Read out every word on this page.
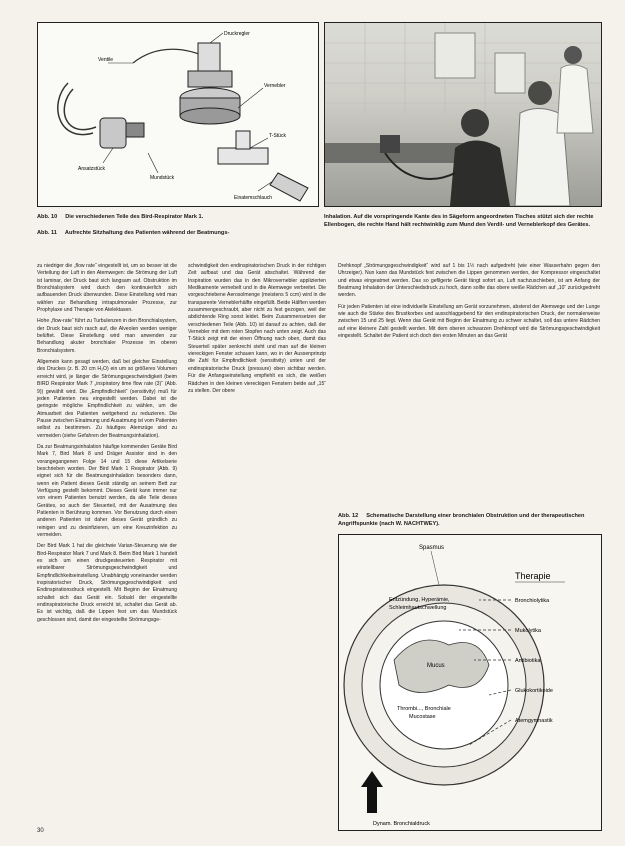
Druckregler
Ventile
Vernebler
T-Stück
Ansatzstück
Mundstück
Einatemschlauch
Abb. 10 Die verschiedenen Teile des Bird-Respirator Mark 1.
Abb. 11 Aufrechte Sitzhaltung des Patienten während der Beatmungs-
Inhalation. Auf die vorspringende Kante des in Sägeform angeordneten Tisches stützt sich der rechte Ellenbogen, die rechte Hand hält rechtwinklig zum Mund den Verdil- und Verneblerkopf des Gerätes.

zu niedriger die „flow rate“ eingestellt ist, um so besser ist die Verteilung der Luft in den Atemwegen: die Strömung der Luft ist laminar, der Druck baut sich langsam auf. Obstruktion im Bronchialsystem wird durch den kontinuierlich sich aufbauenden Druck überwunden. Diese Einstellung wird man wählen zur Behandlung intrapulmonaler Prozesse, zur Prophylaxe und Therapie von Atelektasen.

Hohe „flow-rate“ führt zu Turbulenzen in den Bronchialsystem, der Druck baut sich rasch auf, die Alveolen werden weniger belüftet. Diese Einstellung wird man anwenden zur Behandlung akuter bronchialer Prozesse im oberen Bronchialsystem.

Allgemein kann gesagt werden, daß bei gleicher Einstellung des Druckes (z. B. 20 cm H₂O) ein um so größeres Volumen erreicht wird, je länger die Strömungsgeschwindigkeit (beim BIRD Respirator Mark 7 „inspiratory time flow rate (3)“ (Abb. 9)) gewählt wird. Die „Empfindlichkeit“ (sensitivity) muß für jeden Patienten neu eingestellt werden. Dabei ist die geringste mögliche Empfindlichkeit zu wählen, um die Atmuarbeit des Patienten weitgehend zu reduzieren. Die Pause zwischen Einatmung und Ausatmung ist vom Patienten selbst zu bestimmen. Zu häufiges Atemzüge sind zu vermeiden (siehe Gefahren der Beatmungsinhalation).

Da zur Beatmungsinhalation häufige kommenden Geräte Bird Mark 7, Bird Mark 8 und Dräger Assistor sind in den vorangegangenen Folge 14 und 15 diese Artikelserie beschrieben worden. Der Bird Mark 1 Respirator (Abb. 9) eignet sich für die Beatmungsinhalation besonders dann, wenn ein Patient dieses Gerät ständig an seinem Bett zur Verfügung gestellt bekommt. Dieses Gerät kann immer nur von einem Patienten benutzt werden, da alle Teile dieses Gerätes, so auch der Steuerteil, mit der Ausatmung des Patienten in Berührung kommen. Vor Benutzung durch einen anderen Patienten ist daher dieses Gerät gründlich zu reinigen und zu desinfizieren, um eine Kreuzinfektion zu vermeiden.

Der Bird Mark 1 hat die gleichwie Varian-Steuerung wie der Bird-Respirator Mark 7 und Mark 8. Beim Bird Mark 1 handelt es sich um einen druckgesteuerten Respirator mit einstellbarer Strömungsgeschwindigkeit und Empfindlichkeitseinstellung. Unabhängig voneinander werden inspiratorischer Druck, Strömungsgeschwindigkeit und Endinspirationsdruck eingestellt. Mit Beginn der Einatmung schaltet sich das Gerät ein. Sobald der eingestellte endinspiratorische Druck erreicht ist, schaltet das Gerät ab. Es ist wichtig, daß die Lippen fest um das Mundstück geschlossen sind, damit der eingestellte Strömungsge-

schwindigkeit den endinspiratorischen Druck in der richtigen Zeit aufbaut und das Gerät abschaltet. Während der Inspiration wurden das in den Mikrovernebler applizierten Medikamente vernebelt und in die Atemwege verbreitet. Die vorgeschriebene Aerosolmenge (meistens 5 ccm) wird in die transparente Verneblerhälfte eingefüllt. Beide Hälften werden zusammengeschraubt, aber nicht zu fest gezogen, weil der abdichtende Ring sonst leidet. Beim Zusammensetzen der verschiedenen Teile (Abb. 10) ist darauf zu achten, daß der Vernebler mit dem roten Stopfen nach unten zeigt. Auch das T-Stück zeigt mit der einen Öffnung nach oben, damit das Steuerteil später senkrecht steht und man auf die kleinen viereckigen Fenster schauen kann, wo in der Aussenprinzip die Zahl für Empfindlichkeit (sensitivity) unten und der endinspiratorische Druck (pressure) oben sichtbar werden. Für die Anfangseinstellung empfiehlt es sich, die weißen Rädchen in den kleinen viereckigen Fenstern beide auf „15“ zu stellen. Der obere

Drehknopf „Strömungsgeschwindigkeit“ wird auf 1 bis 1½ nach aufgedreht (wie einer Wasserhahn gegen den Uhrzeiger). Nun kann das Mundstück fest zwischen die Lippen genommen werden, der Kompressor eingeschaltet und etwas eingeatmet werden. Das so gefilgerte Gerät fängt sofort an, Luft nachzuschieben, ist am Anfang der Beatmung Inhalation der Unterschiedsdruck zu hoch, dann sollte das obere weiße Rädchen auf „10“ zurückgedreht werden.

Für jeden Patienten ist eine individuelle Einstellung am Gerät vorzunehmen, abstend der Atemwege und der Lunge wie auch die Stärke des Brustkorbes und ausschlaggebend für den endinspiratorischen Druck, der normalerweise zwischen 15 und 25 liegt. Wenn das Gerät mit Beginn der Einatmung zu schwer schaltet, soll das untere Rädchen auf eine kleinere Zahl gestellt werden. Mit dem oberen schwarzen Drehknopf wird die Strömungsgeschwindigkeit eingestellt. Schaltet der Patient sich doch den ersten Minuten an das Gerät

Abb. 12 Schematische Darstellung einer bronchialen Obstruktion und der therapeutischen Angriffspunkte (nach W. NACHTWEY).
Spasmus
Entzündung, Hyperämie,
Schleimhautschwellung
Mucus
Thrombi..., Bronchiale
Mucostase
Therapie
Bronchiolytika
Mukolytika
Antibiotika
Glukokortikoide
Atemgymnastik
Dynam. Bronchialdruck
30
